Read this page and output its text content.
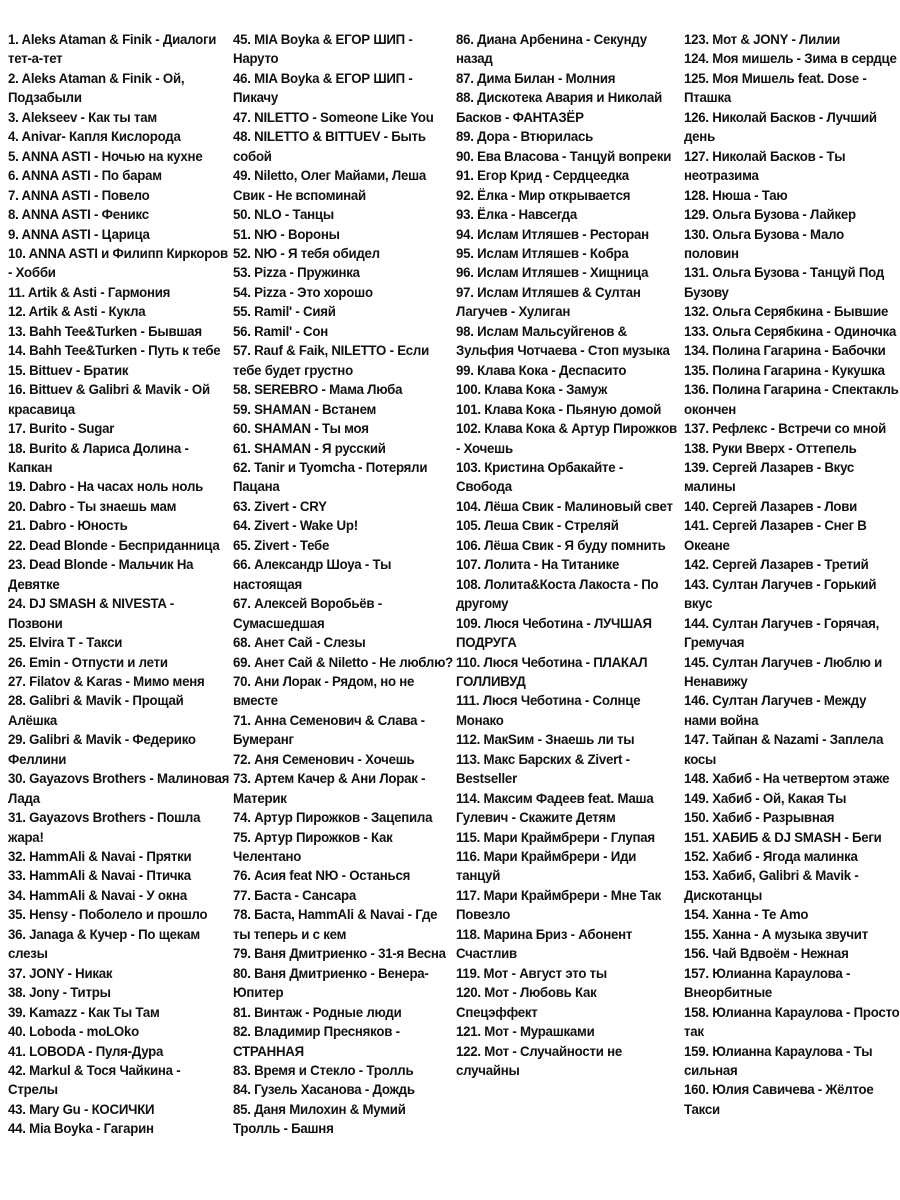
1. Aleks Ataman & Finik - Диалоги тет-а-тет
2. Aleks Ataman & Finik - Ой, Подзабыли
3. Alekseev - Как ты там
4. Anivar- Капля Кислорода
5. ANNA ASTI - Ночью на кухне
6. ANNA ASTI - По барам
7. ANNA ASTI - Повело
8. ANNA ASTI - Феникс
9. ANNA ASTI - Царица
10. ANNA ASTI и Филипп Киркоров - Хобби
11. Artik & Asti - Гармония
12. Artik & Asti - Кукла
13. Bahh Tee&Turken - Бывшая
14. Bahh Tee&Turken - Путь к тебе
15. Bittuev - Братик
16. Bittuev & Galibri & Mavik - Ой красавица
17. Burito - Sugar
18. Burito & Лариса Долина - Капкан
19. Dabro - На часах ноль ноль
20. Dabro - Ты знаешь мам
21. Dabro - Юность
22. Dead Blonde - Бесприданница
23. Dead Blonde - Мальчик На Девятке
24. DJ SMASH & NIVESTA - Позвони
25. Elvira T - Такси
26. Emin - Отпусти и лети
27. Filatov & Karas - Мимо меня
28. Galibri & Mavik - Прощай Алёшка
29. Galibri & Mavik - Федерико Феллини
30. Gayazovs Brothers - Малиновая Лада
31. Gayazovs Brothers - Пошла жара!
32. HammAli & Navai - Прятки
33. HammAli & Navai - Птичка
34. HammAli & Navai - У окна
35. Hensy - Поболело и прошло
36. Janaga & Кучер - По щекам слезы
37. JONY - Никак
38. Jony - Титры
39. Kamazz - Как Ты Там
40. Loboda - moLOko
41. LOBODA - Пуля-Дура
42. Markul & Тося Чайкина - Стрелы
43. Mary Gu - КОСИЧКИ
44. Mia Boyka - Гагарин
45. MIA Boyka & ЕГОР ШИП - Наруто
46. MIA Boyka & ЕГОР ШИП - Пикачу
47. NILETTO - Someone Like You
48. NILETTO & BITTUEV - Быть собой
49. Niletto, Олег Майами, Леша Свик - Не вспоминай
50. NLO - Танцы
51. NЮ - Вороны
52. NЮ - Я тебя обидел
53. Pizza - Пружинка
54. Pizza - Это хорошо
55. Ramil' - Сияй
56. Ramil' - Сон
57. Rauf & Faik, NILETTO - Если тебе будет грустно
58. SEREBRO - Мама Люба
59. SHAMAN - Встанем
60. SHAMAN - Ты моя
61. SHAMAN - Я русский
62. Tanir и Tyomcha - Потеряли Пацана
63. Zivert - CRY
64. Zivert - Wake Up!
65. Zivert - Тебе
66. Александр Шоуа - Ты настоящая
67. Алексей Воробьёв - Сумасшедшая
68. Анет Сай - Слезы
69. Анет Сай & Niletto - Не люблю?
70. Ани Лорак - Рядом, но не вместе
71. Анна Семенович & Слава - Бумеранг
72. Аня Семенович - Хочешь
73. Артем Качер & Ани Лорак - Материк
74. Артур Пирожков - Зацепила
75. Артур Пирожков - Как Челентано
76. Асия feat NЮ - Останься
77. Баста - Сансара
78. Баста, HammAli & Navai - Где ты теперь и с кем
79. Ваня Дмитриенко - 31-я Весна
80. Ваня Дмитриенко - Венера-Юпитер
81. Винтаж - Родные люди
82. Владимир Пресняков - СТРАННАЯ
83. Время и Стекло - Тролль
84. Гузель Хасанова - Дождь
85. Даня Милохин & Мумий Тролль - Башня
86. Диана Арбенина - Секунду назад
87. Дима Билан - Молния
88. Дискотека Авария и Николай Басков - ФАНТАЗЁР
89. Дора - Втюрилась
90. Ева Власова - Танцуй вопреки
91. Егор Крид - Сердцеедка
92. Ёлка - Мир открывается
93. Ёлка - Навсегда
94. Ислам Итляшев - Ресторан
95. Ислам Итляшев - Кобра
96. Ислам Итляшев - Хищница
97. Ислам Итляшев & Султан Лагучев - Хулиган
98. Ислам Мальсуйгенов & Зульфия Чотчаева - Стоп музыка
99. Клава Кока - Деспасито
100. Клава Кока - Замуж
101. Клава Кока - Пьяную домой
102. Клава Кока & Артур Пирожков - Хочешь
103. Кристина Орбакайте - Свобода
104. Лёша Свик - Малиновый свет
105. Леша Свик - Стреляй
106. Лёша Свик - Я буду помнить
107. Лолита - На Титанике
108. Лолита&Коста Лакоста - По другому
109. Люся Чеботина - ЛУЧШАЯ ПОДРУГА
110. Люся Чеботина - ПЛАКАЛ ГОЛЛИВУД
111. Люся Чеботина - Солнце Монако
112. МакSим - Знаешь ли ты
113. Макс Барских & Zivert - Bestseller
114. Максим Фадеев feat. Маша Гулевич - Скажите Детям
115. Мари Краймбрери - Глупая
116. Мари Краймбрери - Иди танцуй
117. Мари Краймбрери - Мне Так Повезло
118. Марина Бриз - Абонент Счастлив
119. Мот - Август это ты
120. Мот - Любовь Как Спецэффект
121. Мот - Мурашками
122. Мот - Случайности не случайны
123. Мот & JONY - Лилии
124. Моя мишель - Зима в сердце
125. Моя Мишель feat. Dose - Пташка
126. Николай Басков - Лучший день
127. Николай Басков - Ты неотразима
128. Нюша - Таю
129. Ольга Бузова - Лайкер
130. Ольга Бузова - Мало половин
131. Ольга Бузова - Танцуй Под Бузову
132. Ольга Серябкина - Бывшие
133. Ольга Серябкина - Одиночка
134. Полина Гагарина - Бабочки
135. Полина Гагарина - Кукушка
136. Полина Гагарина - Спектакль окончен
137. Рефлекс - Встречи со мной
138. Руки Вверх - Оттепель
139. Сергей Лазарев - Вкус малины
140. Сергей Лазарев - Лови
141. Сергей Лазарев - Снег В Океане
142. Сергей Лазарев - Третий
143. Султан Лагучев - Горький вкус
144. Султан Лагучев - Горячая, Гремучая
145. Султан Лагучев - Люблю и Ненавижу
146. Султан Лагучев - Между нами война
147. Тайпан & Nazami - Заплела косы
148. Хабиб - На четвертом этаже
149. Хабиб - Ой, Какая Ты
150. Хабиб - Разрывная
151. ХАБИБ & DJ SMASH - Беги
152. Хабиб - Ягода малинка
153. Хабиб, Galibri & Mavik - Дискотанцы
154. Ханна - Те Amo
155. Ханна - А музыка звучит
156. Чай Вдвоём - Нежная
157. Юлианна Караулова - Внеорбитные
158. Юлианна Караулова - Просто так
159. Юлианна Караулова - Ты сильная
160. Юлия Савичева - Жёлтое Такси
